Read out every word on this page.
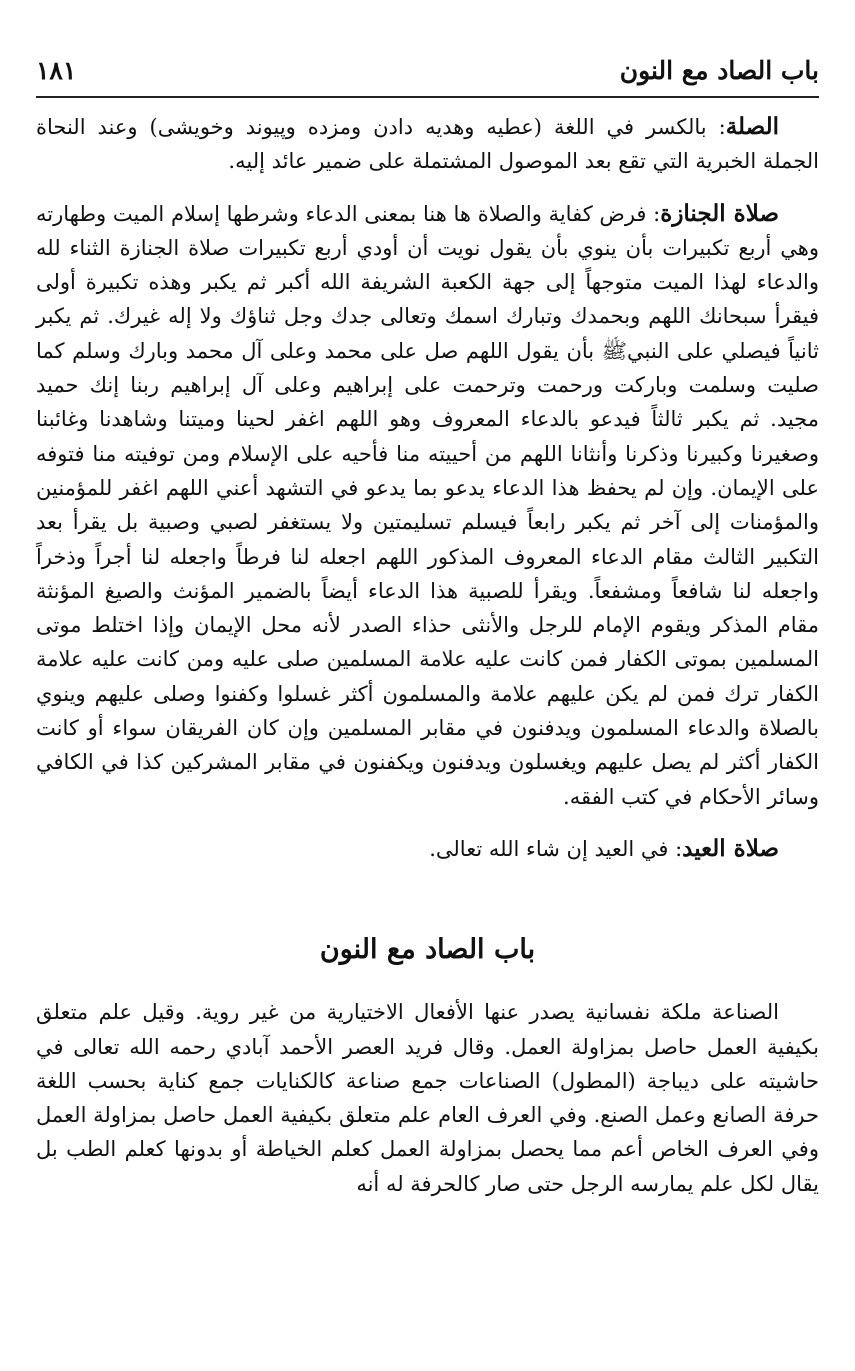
باب الصاد مع النون
١٨١

الصلة: بالكسر في اللغة (عطيه وهديه دادن ومزده وپيوند وخويشى) وعند النحاة الجملة الخبرية التي تقع بعد الموصول المشتملة على ضمير عائد إليه.

صلاة الجنازة: فرض كفاية والصلاة ها هنا بمعنى الدعاء وشرطها إسلام الميت وطهارته وهي أربع تكبيرات بأن ينوي بأن يقول نويت أن أودي أربع تكبيرات صلاة الجنازة الثناء لله والدعاء لهذا الميت متوجهاً إلى جهة الكعبة الشريفة الله أكبر ثم يكبر وهذه تكبيرة أولى فيقرأ سبحانك اللهم وبحمدك وتبارك اسمك وتعالى جدك وجل ثناؤك ولا إله غيرك. ثم يكبر ثانياً فيصلي على النبيﷺ بأن يقول اللهم صل على محمد وعلى آل محمد وبارك وسلم كما صليت وسلمت وباركت ورحمت وترحمت على إبراهيم وعلى آل إبراهيم ربنا إنك حميد مجيد. ثم يكبر ثالثاً فيدعو بالدعاء المعروف وهو اللهم اغفر لحينا وميتنا وشاهدنا وغائبنا وصغيرنا وكبيرنا وذكرنا وأنثانا اللهم من أحييته منا فأحيه على الإسلام ومن توفيته منا فتوفه على الإيمان. وإن لم يحفظ هذا الدعاء يدعو بما يدعو في التشهد أعني اللهم اغفر للمؤمنين والمؤمنات إلى آخر ثم يكبر رابعاً فيسلم تسليمتين ولا يستغفر لصبي وصبية بل يقرأ بعد التكبير الثالث مقام الدعاء المعروف المذكور اللهم اجعله لنا فرطاً واجعله لنا أجراً وذخراً واجعله لنا شافعاً ومشفعاً. ويقرأ للصبية هذا الدعاء أيضاً بالضمير المؤنث والصيغ المؤنثة مقام المذكر ويقوم الإمام للرجل والأنثى حذاء الصدر لأنه محل الإيمان وإذا اختلط موتى المسلمين بموتى الكفار فمن كانت عليه علامة المسلمين صلى عليه ومن كانت عليه علامة الكفار ترك فمن لم يكن عليهم علامة والمسلمون أكثر غسلوا وكفنوا وصلى عليهم وينوي بالصلاة والدعاء المسلمون ويدفنون في مقابر المسلمين وإن كان الفريقان سواء أو كانت الكفار أكثر لم يصل عليهم ويغسلون ويدفنون ويكفنون في مقابر المشركين كذا في الكافي وسائر الأحكام في كتب الفقه.

صلاة العيد: في العيد إن شاء الله تعالى.

باب الصاد مع النون

الصناعة ملكة نفسانية يصدر عنها الأفعال الاختيارية من غير روية. وقيل علم متعلق بكيفية العمل حاصل بمزاولة العمل. وقال فريد العصر الأحمد آبادي رحمه الله تعالى في حاشيته على ديباجة (المطول) الصناعات جمع صناعة كالكنايات جمع كناية بحسب اللغة حرفة الصانع وعمل الصنع. وفي العرف العام علم متعلق بكيفية العمل حاصل بمزاولة العمل وفي العرف الخاص أعم مما يحصل بمزاولة العمل كعلم الخياطة أو بدونها كعلم الطب بل يقال لكل علم يمارسه الرجل حتى صار كالحرفة له أنه
